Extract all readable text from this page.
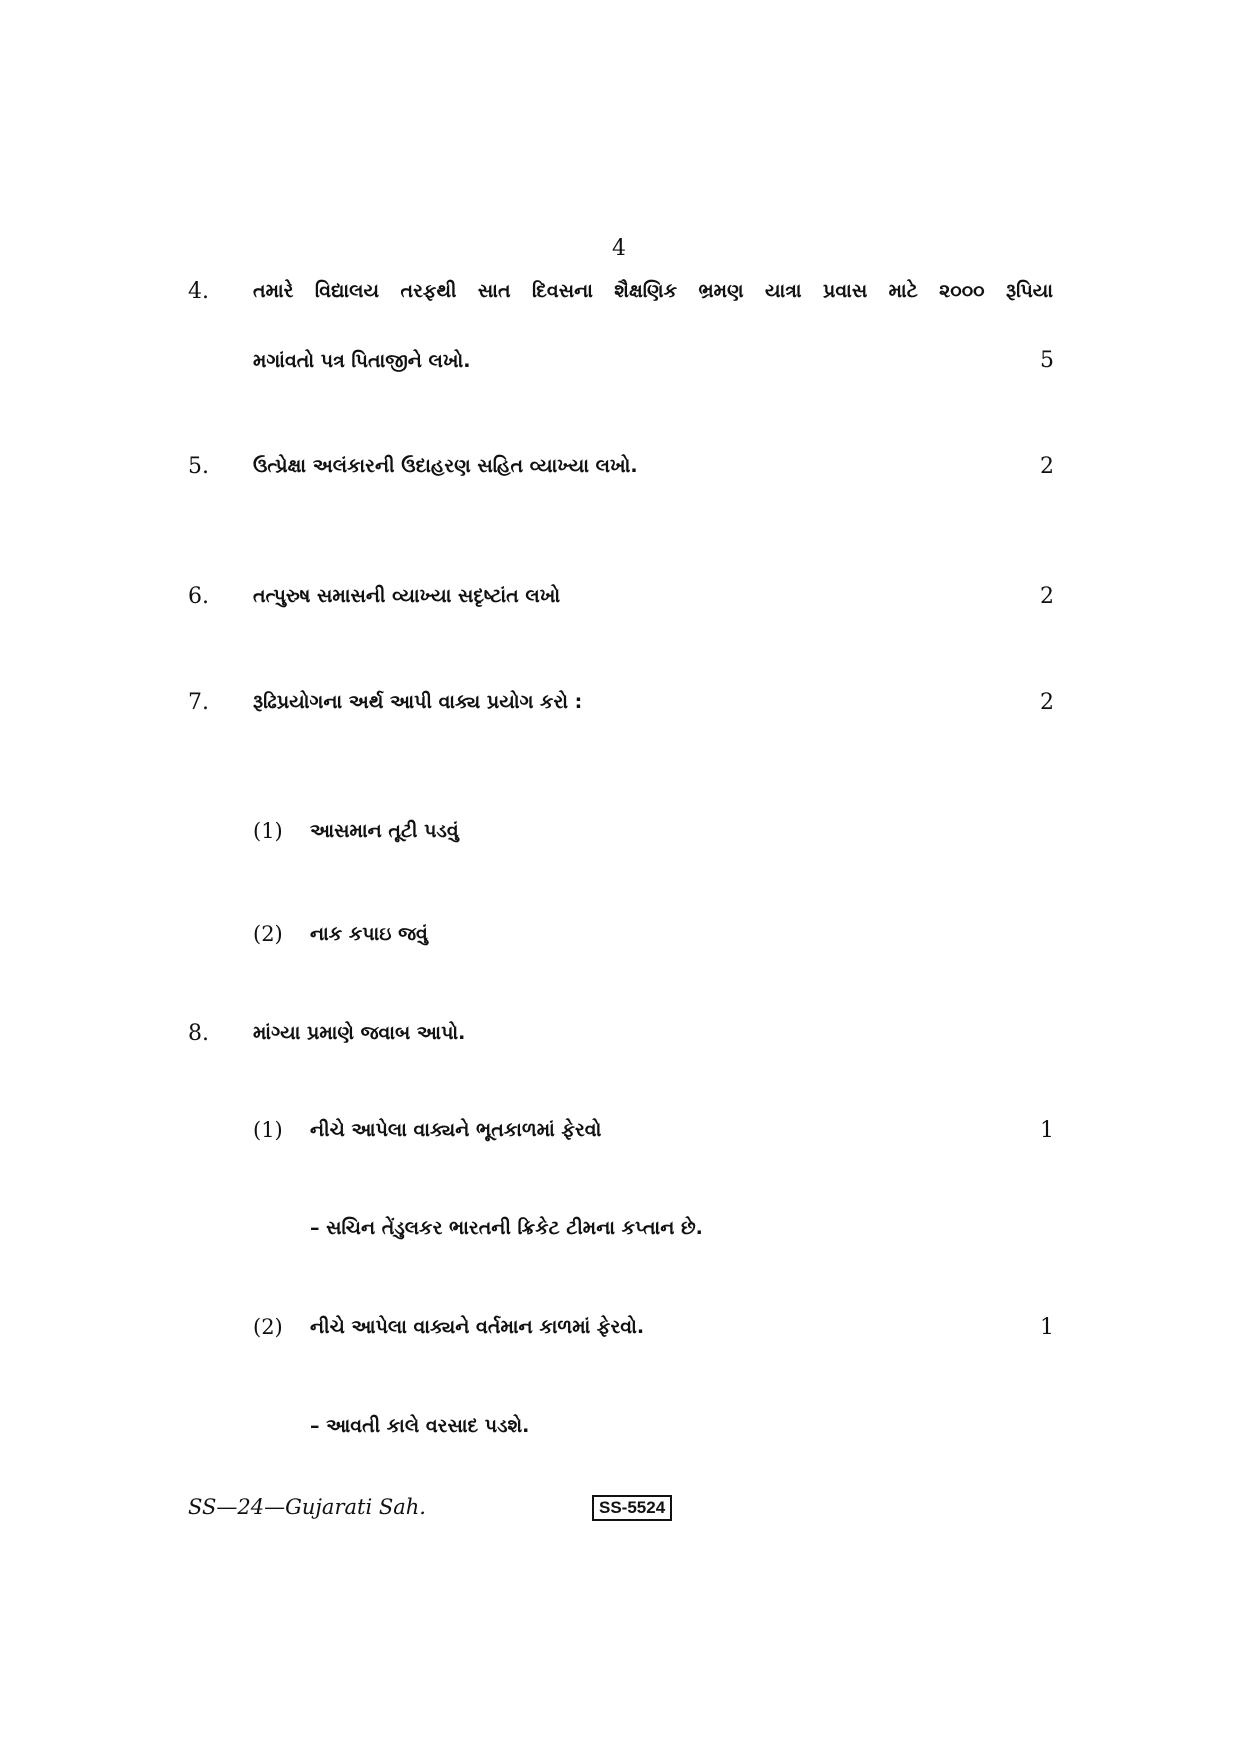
4
4. તમારે વિદ્યાલય તરફથી સાત દિવસના શૈક્ષણિક ભ્રમણ યાત્રા પ્રવાસ માટે ૨૦૦૦ રૂપિયા
મગાંવતો પત્ર પિતાજીને લખો.	5
5. ઉત્પ્રેક્ષા અલંકારની ઉદાહરણ સહિત વ્યાખ્યા લખો.	2
6. તત્પુરુષ સમાસની વ્યાખ્યા સદૃષ્ટાંત લખો	2
7. રૂઢિપ્રયોગના અર્થ આપી વાક્ય પ્રયોગ કરો :	2
(1) આસમાન તૂટી પડવું
(2) નાક કપાઇ જવું
8. માંગ્યા પ્રમાણે જવાબ આપો.
(1) નીચે આપેલા વાક્યને ભૂતકાળમાં ફેરવો	1
– સચિન તેંડુલકર ભારતની ક્રિકેટ ટીમના કપ્તાન છે.
(2) નીચે આપેલા વાક્યને વર્તમાન કાળમાં ફેરવો.	1
– આવતી કાલે વરસાદ પડશે.
SS—24—Gujarati Sah.	SS-5524
